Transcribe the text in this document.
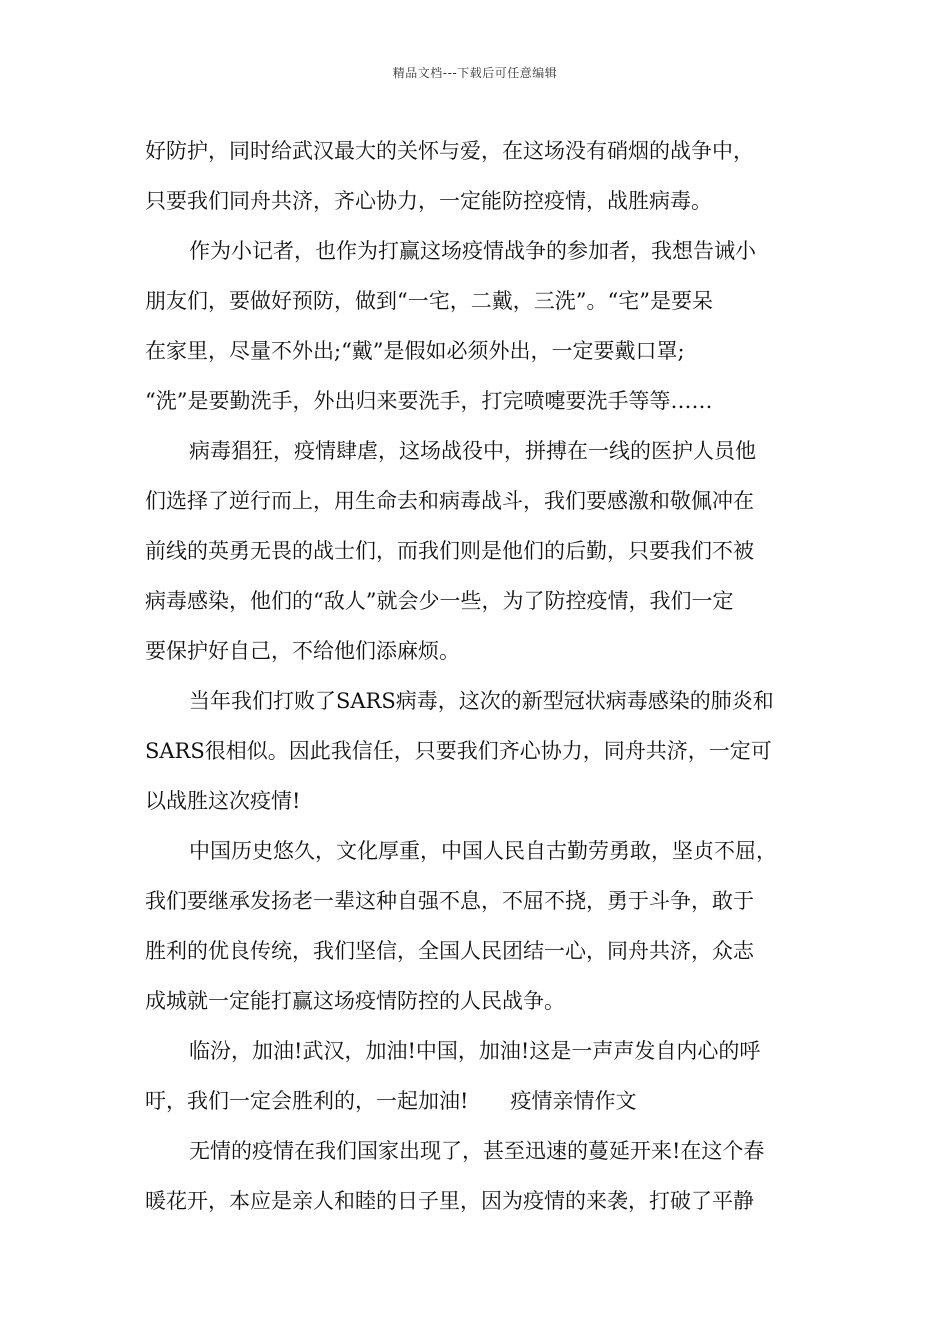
精品文档---下载后可任意编辑
好防护，同时给武汉最大的关怀与爱，在这场没有硝烟的战争中，
只要我们同舟共济，齐心协力，一定能防控疫情，战胜病毒。
作为小记者，也作为打赢这场疫情战争的参加者，我想告诫小
朋友们，要做好预防，做到“一宅，二戴，三洗”。“宅”是要呆
在家里，尽量不外出;“戴”是假如必须外出，一定要戴口罩;
“洗”是要勤洗手，外出归来要洗手，打完喷嚏要洗手等等……
病毒猖狂，疫情肆虐，这场战役中，拼搏在一线的医护人员他
们选择了逆行而上，用生命去和病毒战斗，我们要感激和敬佩冲在
前线的英勇无畏的战士们，而我们则是他们的后勤，只要我们不被
病毒感染，他们的“敌人”就会少一些，为了防控疫情，我们一定
要保护好自己，不给他们添麻烦。
当年我们打败了SARS病毒，这次的新型冠状病毒感染的肺炎和
SARS很相似。因此我信任，只要我们齐心协力，同舟共济，一定可
以战胜这次疫情!
中国历史悠久，文化厚重，中国人民自古勤劳勇敢，坚贞不屈，
我们要继承发扬老一辈这种自强不息，不屈不挠，勇于斗争，敢于
胜利的优良传统，我们坚信，全国人民团结一心，同舟共济，众志
成城就一定能打赢这场疫情防控的人民战争。
临汾，加油!武汉，加油!中国，加油!这是一声声发自内心的呼
吁，我们一定会胜利的，一起加油! 疫情亲情作文
无情的疫情在我们国家出现了，甚至迅速的蔓延开来!在这个春
暖花开，本应是亲人和睦的日子里，因为疫情的来袭，打破了平静
